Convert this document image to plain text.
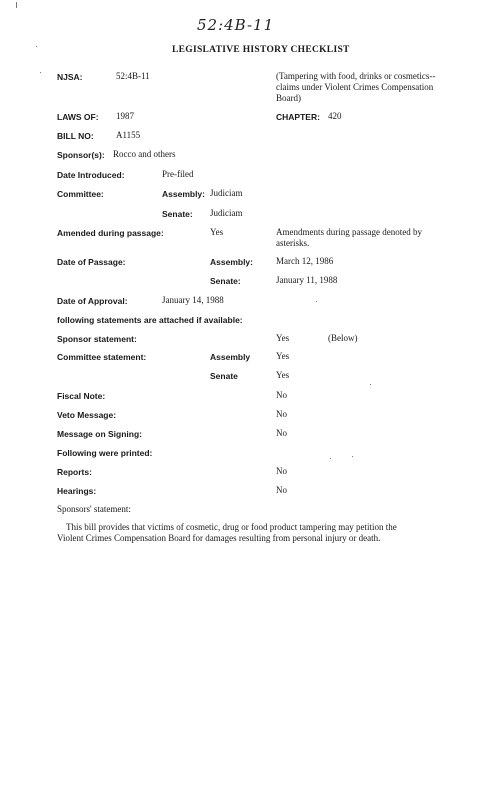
52:4B-11
LEGISLATIVE HISTORY CHECKLIST
NJSA:	52:4B-11	(Tampering with food, drinks or cosmetics-- claims under Violent Crimes Compensation Board)
LAWS OF: 1987	CHAPTER: 420
BILL NO: A1155
Sponsor(s): Rocco and others
Date Introduced:	Pre-filed
Committee:	Assembly: Judiciam
Senate: Judiciam
Amended during passage:	Yes	Amendments during passage denoted by asterisks.
Date of Passage:	Assembly:	March 12, 1986
Senate:	January 11, 1988
Date of Approval:	January 14, 1988
following statements are attached if available:
Sponsor statement:	Yes	(Below)
Committee statement:	Assembly	Yes
Senate	Yes
Fiscal Note:	No
Veto Message:	No
Message on Signing:	No
Following were printed:
Reports:	No
Hearings:	No
Sponsors' statement:
This bill provides that victims of cosmetic, drug or food product tampering may petition the Violent Crimes Compensation Board for damages resulting from personal injury or death.
